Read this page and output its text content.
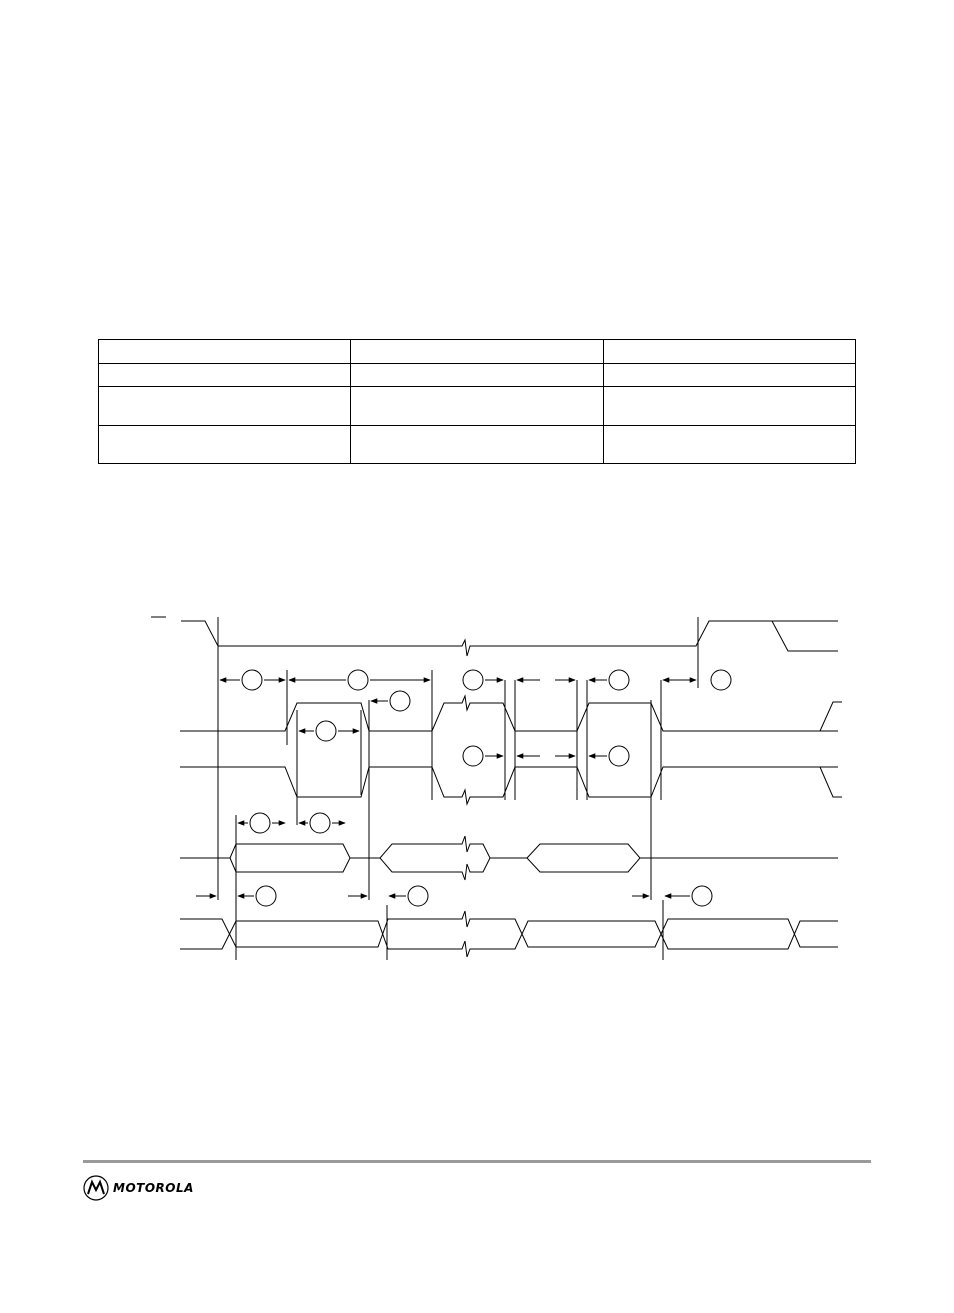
MOTOROLA
